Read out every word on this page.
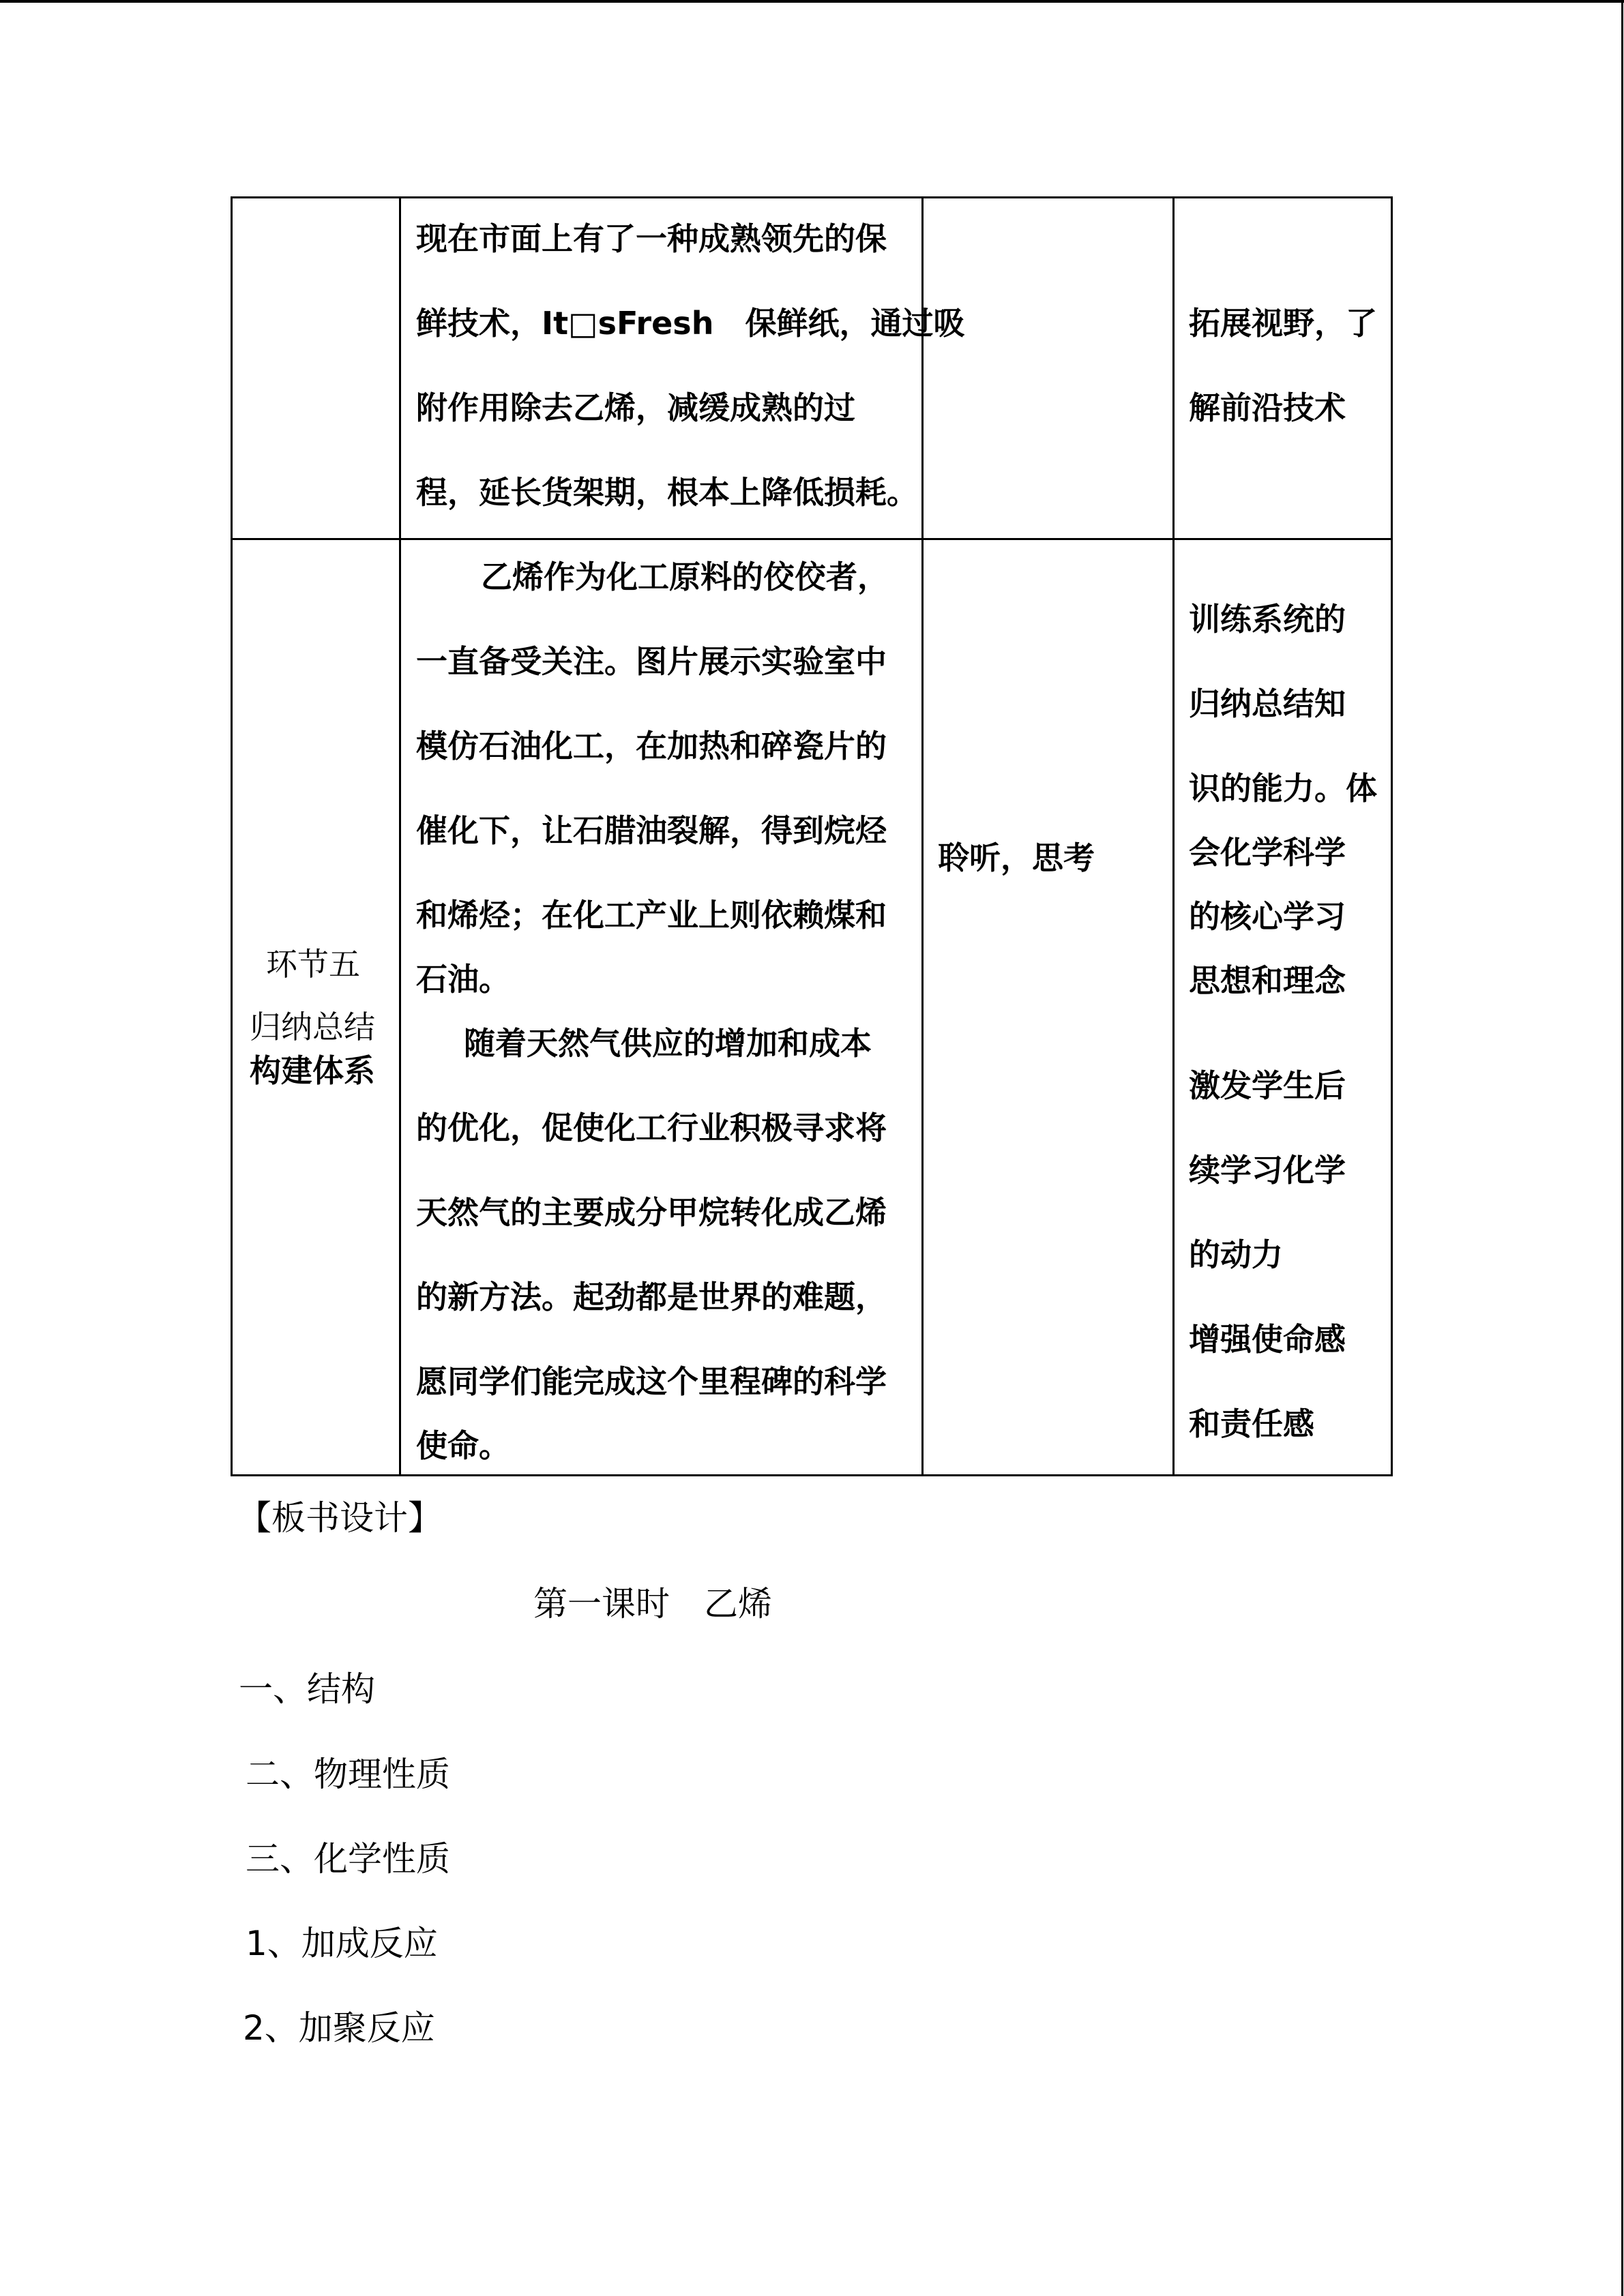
现在市面上有了一种成熟领先的保
鲜技术，It□sFresh　保鲜纸，通过吸
附作用除去乙烯，减缓成熟的过
程，延长货架期，根本上降低损耗。
拓展视野，了
解前沿技术
环节五
归纳总结
构建体系
乙烯作为化工原料的佼佼者，
一直备受关注。图片展示实验室中
模仿石油化工，在加热和碎瓷片的
催化下，让石腊油裂解，得到烷烃
和烯烃；在化工产业上则依赖煤和
石油。
随着天然气供应的增加和成本
的优化，促使化工行业积极寻求将
天然气的主要成分甲烷转化成乙烯
的新方法。起劲都是世界的难题，
愿同学们能完成这个里程碑的科学
使命。
聆听，思考
训练系统的
归纳总结知
识的能力。体
会化学科学
的核心学习
思想和理念
激发学生后
续学习化学
的动力
增强使命感
和责任感
【板书设计】
第一课时　乙烯
一、结构
二、物理性质
三、化学性质
1、加成反应
2、加聚反应
